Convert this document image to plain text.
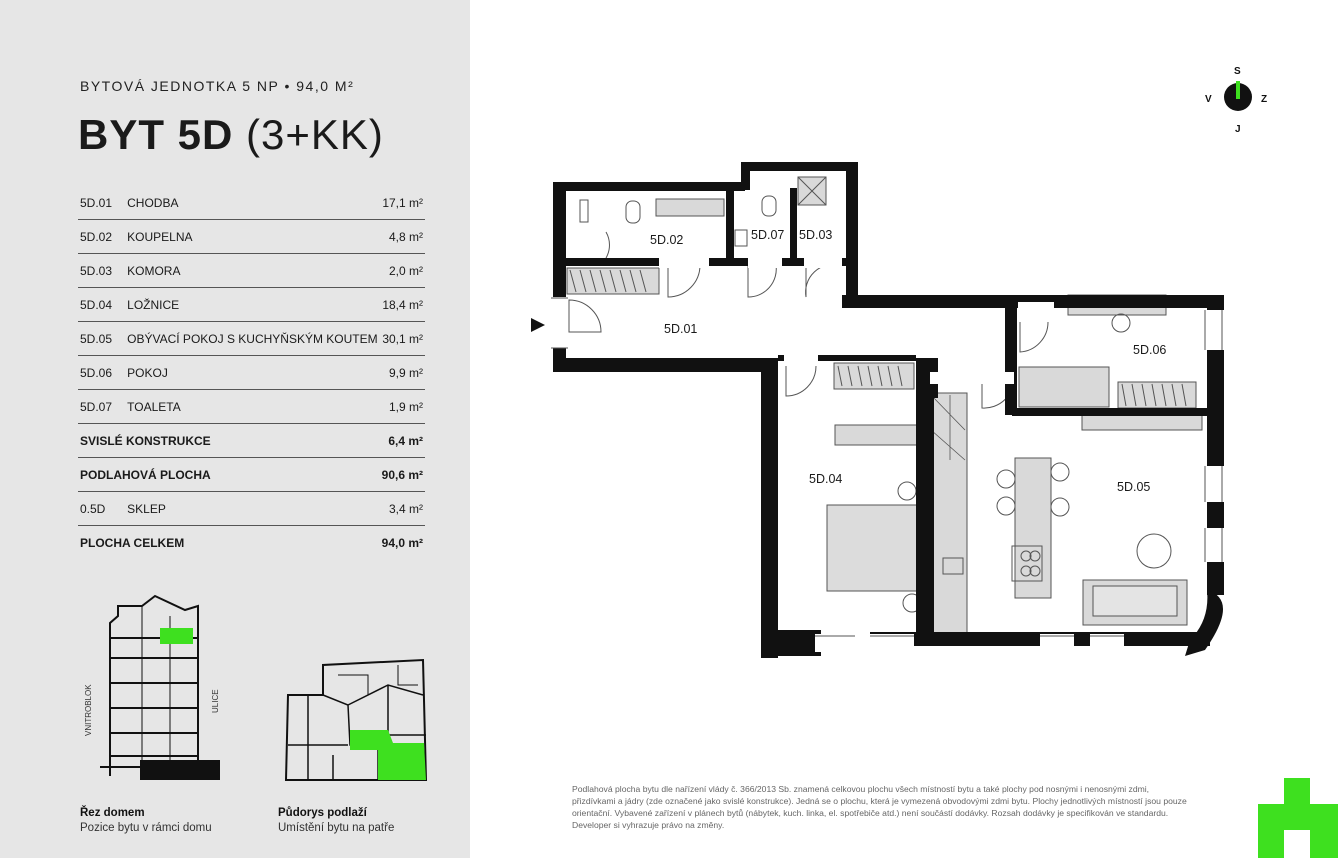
BYTOVÁ JEDNOTKA 5 NP • 94,0 M²
BYT 5D (3+KK)
5D.01	CHODBA	17,1 m²
5D.02	KOUPELNA	4,8 m²
5D.03	KOMORA	2,0 m²
5D.04	LOŽNICE	18,4 m²
5D.05	OBÝVACÍ POKOJ S KUCHYŇSKÝM KOUTEM	30,1 m²
5D.06	POKOJ	9,9 m²
5D.07	TOALETA	1,9 m²
SVISLÉ KONSTRUKCE		6,4 m²
PODLAHOVÁ PLOCHA		90,6 m²
0.5D	SKLEP	3,4 m²
PLOCHA CELKEM		94,0 m²
VNITROBLOK	ULICE
Řez domem
Pozice bytu v rámci domu
Půdorys podlaží
Umístění bytu na patře
S
J
V	Z
5D.01
5D.02	5D.03
5D.04
5D.05
5D.06
5D.07
Podlahová plocha bytu dle nařízení vlády č. 366/2013 Sb. znamená celkovou plochu všech místností bytu a také plochy pod nosnými i nenosnými zdmi, přizdívkami a jádry (zde označené jako svislé konstrukce). Jedná se o plochu, která je vymezená obvodovými zdmi bytu. Plochy jednotlivých místností jsou pouze orientační. Vybavené zařízení v plánech bytů (nábytek, kuch. linka, el. spotřebiče atd.) není součástí dodávky. Rozsah dodávky je specifikován ve standardu. Developer si vyhrazuje právo na změny.
